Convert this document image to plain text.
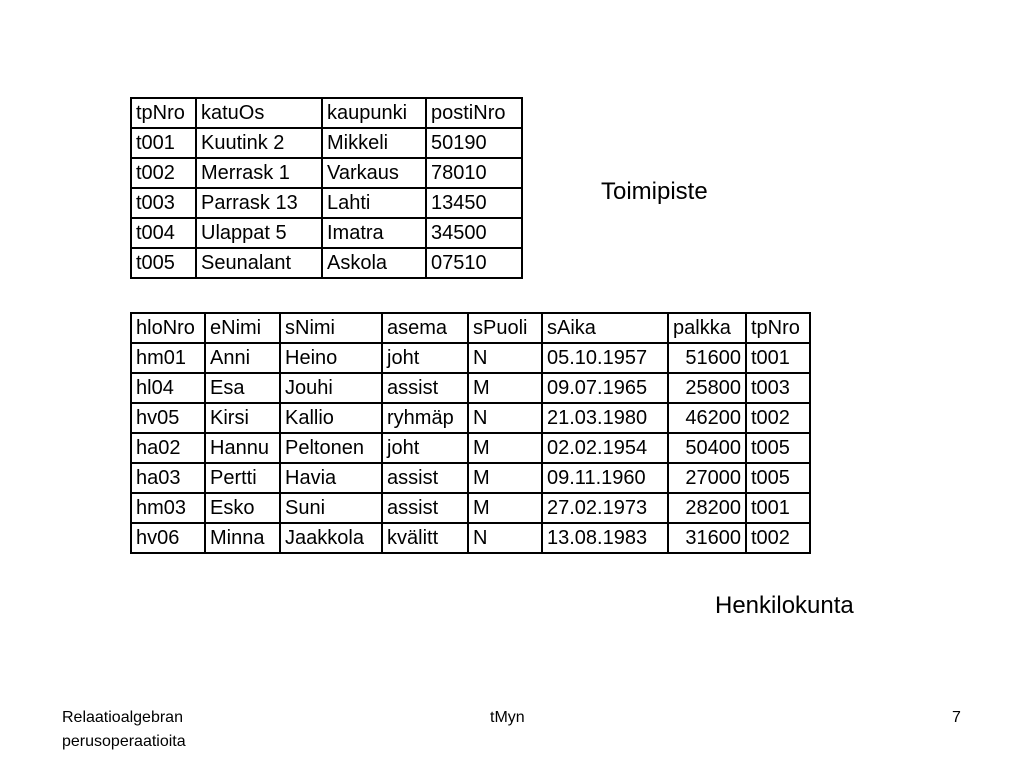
tpNro	katuOs	kaupunki	postiNro
t001	Kuutink 2	Mikkeli	50190
t002	Merrask 1	Varkaus	78010
t003	Parrask 13	Lahti	13450
t004	Ulappat 5	Imatra	34500
t005	Seunalant	Askola	07510
Toimipiste
hloNro	eNimi	sNimi	asema	sPuoli	sAika	palkka	tpNro
hm01	Anni	Heino	joht	N	05.10.1957	51600	t001
hl04	Esa	Jouhi	assist	M	09.07.1965	25800	t003
hv05	Kirsi	Kallio	ryhmäp	N	21.03.1980	46200	t002
ha02	Hannu	Peltonen	joht	M	02.02.1954	50400	t005
ha03	Pertti	Havia	assist	M	09.11.1960	27000	t005
hm03	Esko	Suni	assist	M	27.02.1973	28200	t001
hv06	Minna	Jaakkola	kvälitt	N	13.08.1983	31600	t002
Henkilokunta
Relaatioalgebran perusoperaatioita
tMyn	7
